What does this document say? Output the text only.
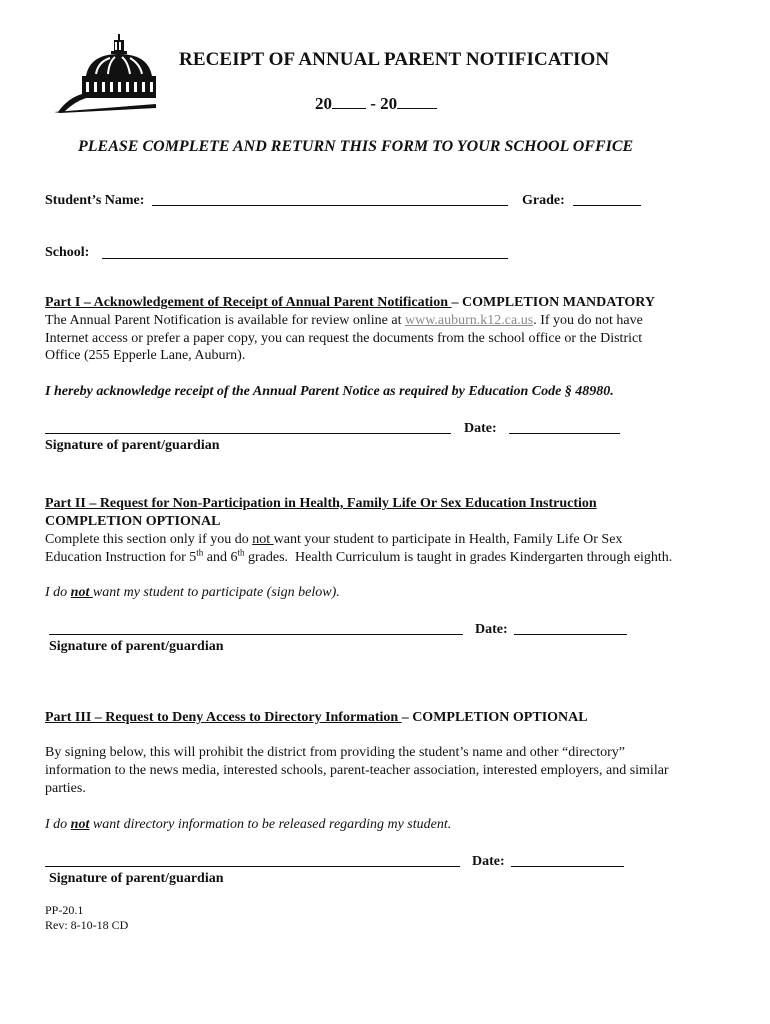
RECEIPT OF ANNUAL PARENT NOTIFICATION
20 - 20
PLEASE COMPLETE AND RETURN THIS FORM TO YOUR SCHOOL OFFICE
Student’s Name:	Grade:
School:
Part I – Acknowledgement of Receipt of Annual Parent Notification – COMPLETION MANDATORY
The Annual Parent Notification is available for review online at www.auburn.k12.ca.us. If you do not have
Internet access or prefer a paper copy, you can request the documents from the school office or the District
Office (255 Epperle Lane, Auburn).
I hereby acknowledge receipt of the Annual Parent Notice as required by Education Code § 48980.
Date:
Signature of parent/guardian
Part II – Request for Non-Participation in Health, Family Life Or Sex Education Instruction
COMPLETION OPTIONAL
Complete this section only if you do not want your student to participate in Health, Family Life Or Sex
Education Instruction for 5th and 6th grades.  Health Curriculum is taught in grades Kindergarten through eighth.
I do not want my student to participate (sign below).
Date:
Signature of parent/guardian
Part III – Request to Deny Access to Directory Information – COMPLETION OPTIONAL
By signing below, this will prohibit the district from providing the student’s name and other “directory”
information to the news media, interested schools, parent-teacher association, interested employers, and similar
parties.
I do not want directory information to be released regarding my student.
Date:
Signature of parent/guardian
PP-20.1
Rev: 8-10-18 CD
